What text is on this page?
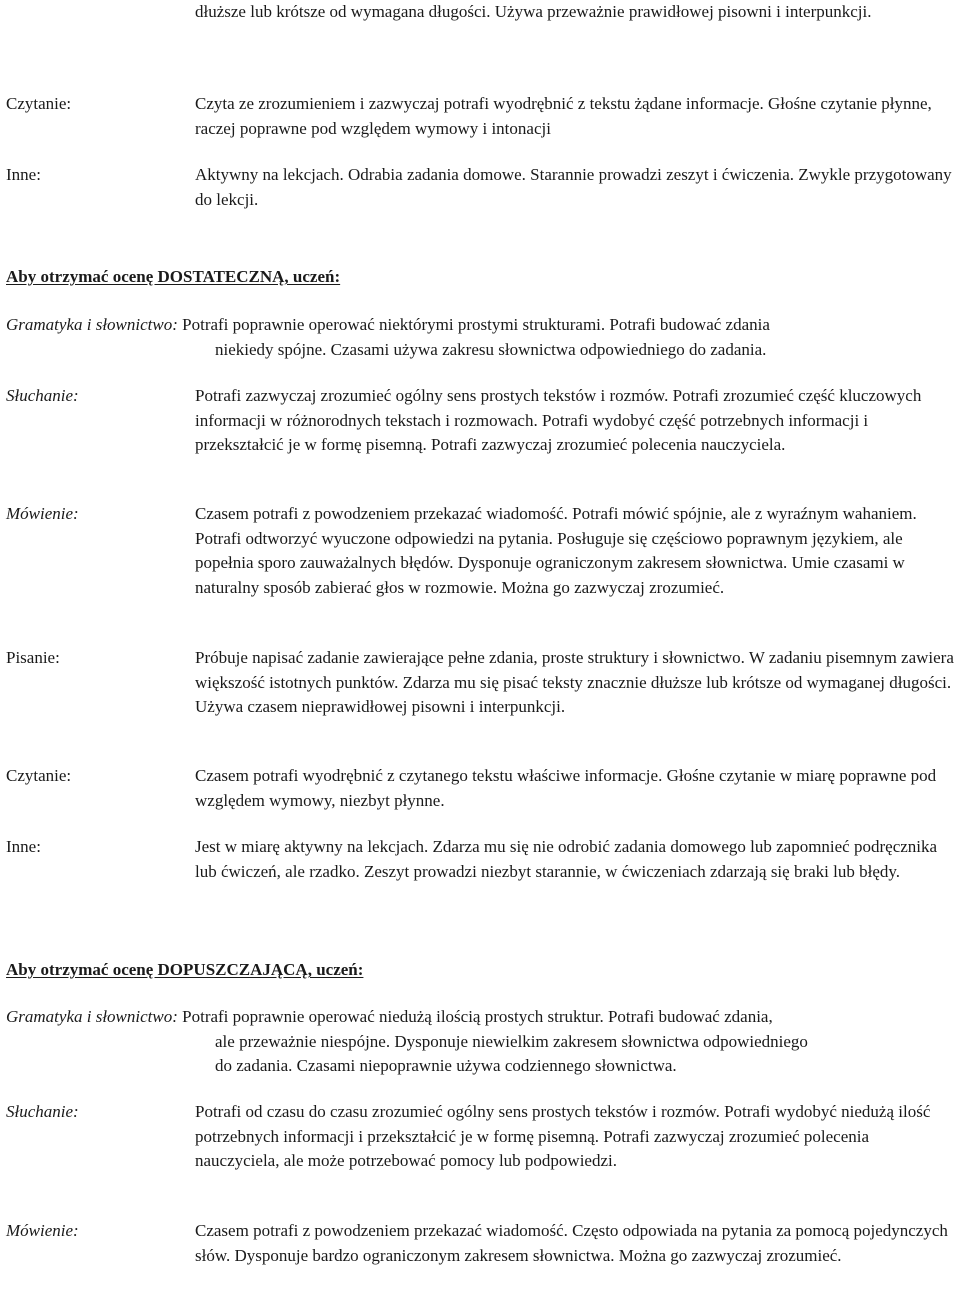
dłuższe lub krótsze od wymagana długości. Używa przeważnie prawidłowej pisowni i interpunkcji.
Czytanie:	Czyta ze zrozumieniem i zazwyczaj potrafi wyodrębnić z tekstu żądane informacje. Głośne czytanie płynne, raczej poprawne pod względem wymowy i intonacji
Inne:	Aktywny na lekcjach. Odrabia zadania domowe. Starannie prowadzi zeszyt i ćwiczenia. Zwykle przygotowany do lekcji.
Aby otrzymać ocenę DOSTATECZNĄ, uczeń:
Gramatyka i słownictwo: Potrafi poprawnie operować niektórymi prostymi strukturami. Potrafi budować zdania
niekiedy spójne. Czasami używa zakresu słownictwa odpowiedniego do zadania.
Słuchanie:	Potrafi zazwyczaj zrozumieć ogólny sens prostych tekstów i rozmów. Potrafi zrozumieć część kluczowych informacji w różnorodnych tekstach i rozmowach. Potrafi wydobyć część potrzebnych informacji i przekształcić je w formę pisemną. Potrafi zazwyczaj zrozumieć polecenia nauczyciela.
Mówienie:	Czasem potrafi z powodzeniem przekazać wiadomość. Potrafi mówić spójnie, ale z wyraźnym wahaniem. Potrafi odtworzyć wyuczone odpowiedzi na pytania. Posługuje się częściowo poprawnym językiem, ale popełnia sporo zauważalnych błędów. Dysponuje ograniczonym zakresem słownictwa. Umie czasami w naturalny sposób zabierać głos w rozmowie. Można go zazwyczaj zrozumieć.
Pisanie:	Próbuje napisać zadanie zawierające pełne zdania, proste struktury i słownictwo. W zadaniu pisemnym zawiera większość istotnych punktów. Zdarza mu się pisać teksty znacznie dłuższe lub krótsze od wymaganej długości. Używa czasem nieprawidłowej pisowni i interpunkcji.
Czytanie:	Czasem potrafi wyodrębnić z czytanego tekstu właściwe informacje. Głośne czytanie w miarę poprawne pod względem wymowy, niezbyt płynne.
Inne:	Jest w miarę aktywny na lekcjach. Zdarza mu się nie odrobić zadania domowego lub zapomnieć podręcznika lub ćwiczeń, ale rzadko. Zeszyt prowadzi niezbyt starannie, w ćwiczeniach zdarzają się braki lub błędy.
Aby otrzymać ocenę DOPUSZCZAJĄCĄ, uczeń:
Gramatyka i słownictwo: Potrafi poprawnie operować niedużą ilością prostych struktur. Potrafi budować zdania,
ale przeważnie niespójne. Dysponuje niewielkim zakresem słownictwa odpowiedniego
do zadania. Czasami niepoprawnie używa codziennego słownictwa.
Słuchanie:	Potrafi od czasu do czasu zrozumieć ogólny sens prostych tekstów i rozmów. Potrafi wydobyć niedużą ilość potrzebnych informacji i przekształcić je w formę pisemną. Potrafi zazwyczaj zrozumieć polecenia nauczyciela, ale może potrzebować pomocy lub podpowiedzi.
Mówienie:	Czasem potrafi z powodzeniem przekazać wiadomość. Często odpowiada na pytania za pomocą pojedynczych słów. Dysponuje bardzo ograniczonym zakresem słownictwa. Można go zazwyczaj zrozumieć.
